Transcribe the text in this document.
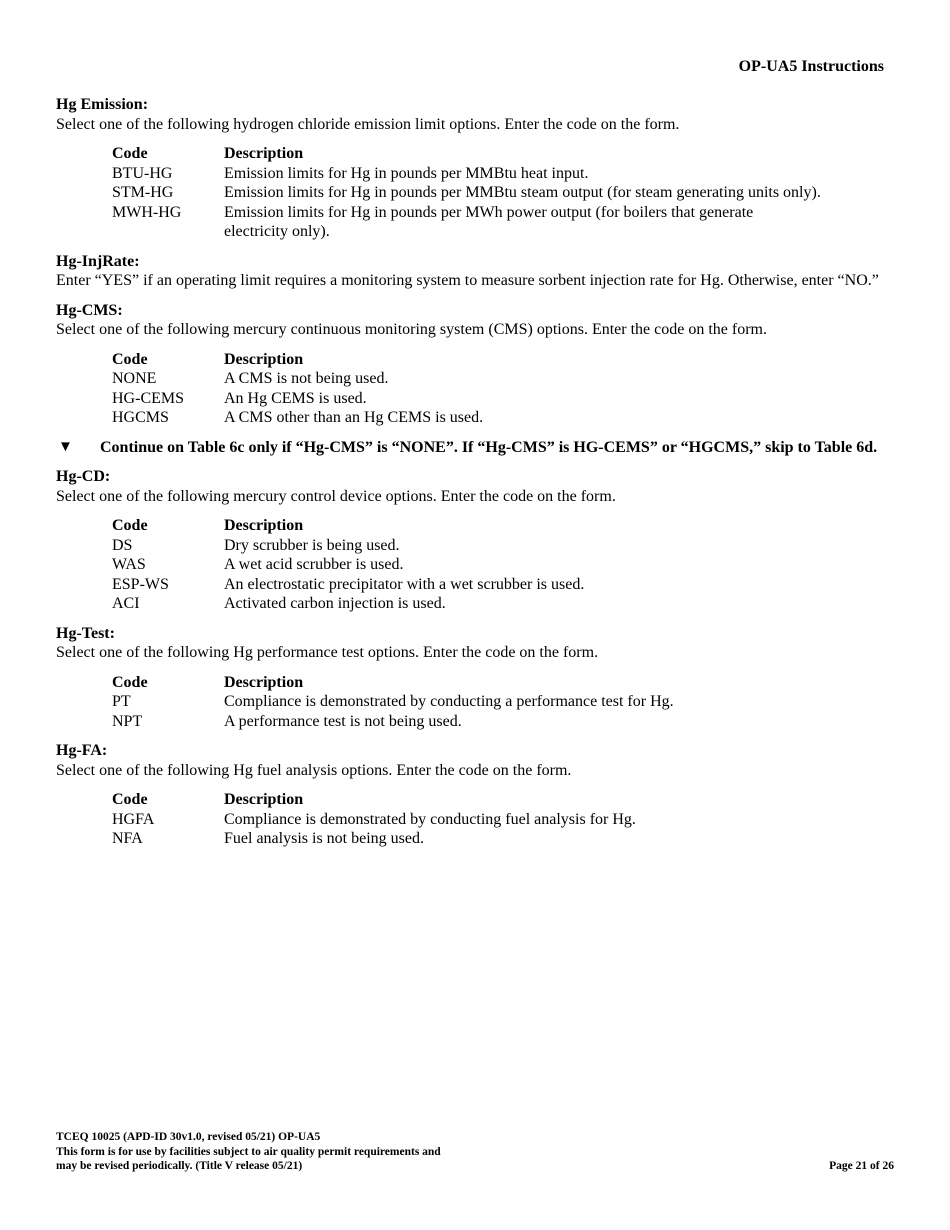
OP-UA5 Instructions
Hg Emission:
Select one of the following hydrogen chloride emission limit options. Enter the code on the form.
Code	Description
BTU-HG	Emission limits for Hg in pounds per MMBtu heat input.
STM-HG	Emission limits for Hg in pounds per MMBtu steam output (for steam generating units only).
MWH-HG	Emission limits for Hg in pounds per MWh power output (for boilers that generate electricity only).
Hg-InjRate:
Enter “YES” if an operating limit requires a monitoring system to measure sorbent injection rate for Hg. Otherwise, enter “NO.”
Hg-CMS:
Select one of the following mercury continuous monitoring system (CMS) options. Enter the code on the form.
Code	Description
NONE	A CMS is not being used.
HG-CEMS	An Hg CEMS is used.
HGCMS	A CMS other than an Hg CEMS is used.
▼	Continue on Table 6c only if “Hg-CMS” is “NONE”. If “Hg-CMS” is HG-CEMS” or “HGCMS,” skip to Table 6d.
Hg-CD:
Select one of the following mercury control device options. Enter the code on the form.
Code	Description
DS	Dry scrubber is being used.
WAS	A wet acid scrubber is used.
ESP-WS	An electrostatic precipitator with a wet scrubber is used.
ACI	Activated carbon injection is used.
Hg-Test:
Select one of the following Hg performance test options. Enter the code on the form.
Code	Description
PT	Compliance is demonstrated by conducting a performance test for Hg.
NPT	A performance test is not being used.
Hg-FA:
Select one of the following Hg fuel analysis options. Enter the code on the form.
Code	Description
HGFA	Compliance is demonstrated by conducting fuel analysis for Hg.
NFA	Fuel analysis is not being used.
TCEQ 10025 (APD-ID 30v1.0, revised 05/21) OP-UA5
This form is for use by facilities subject to air quality permit requirements and
may be revised periodically. (Title V release 05/21)	Page 21 of 26
